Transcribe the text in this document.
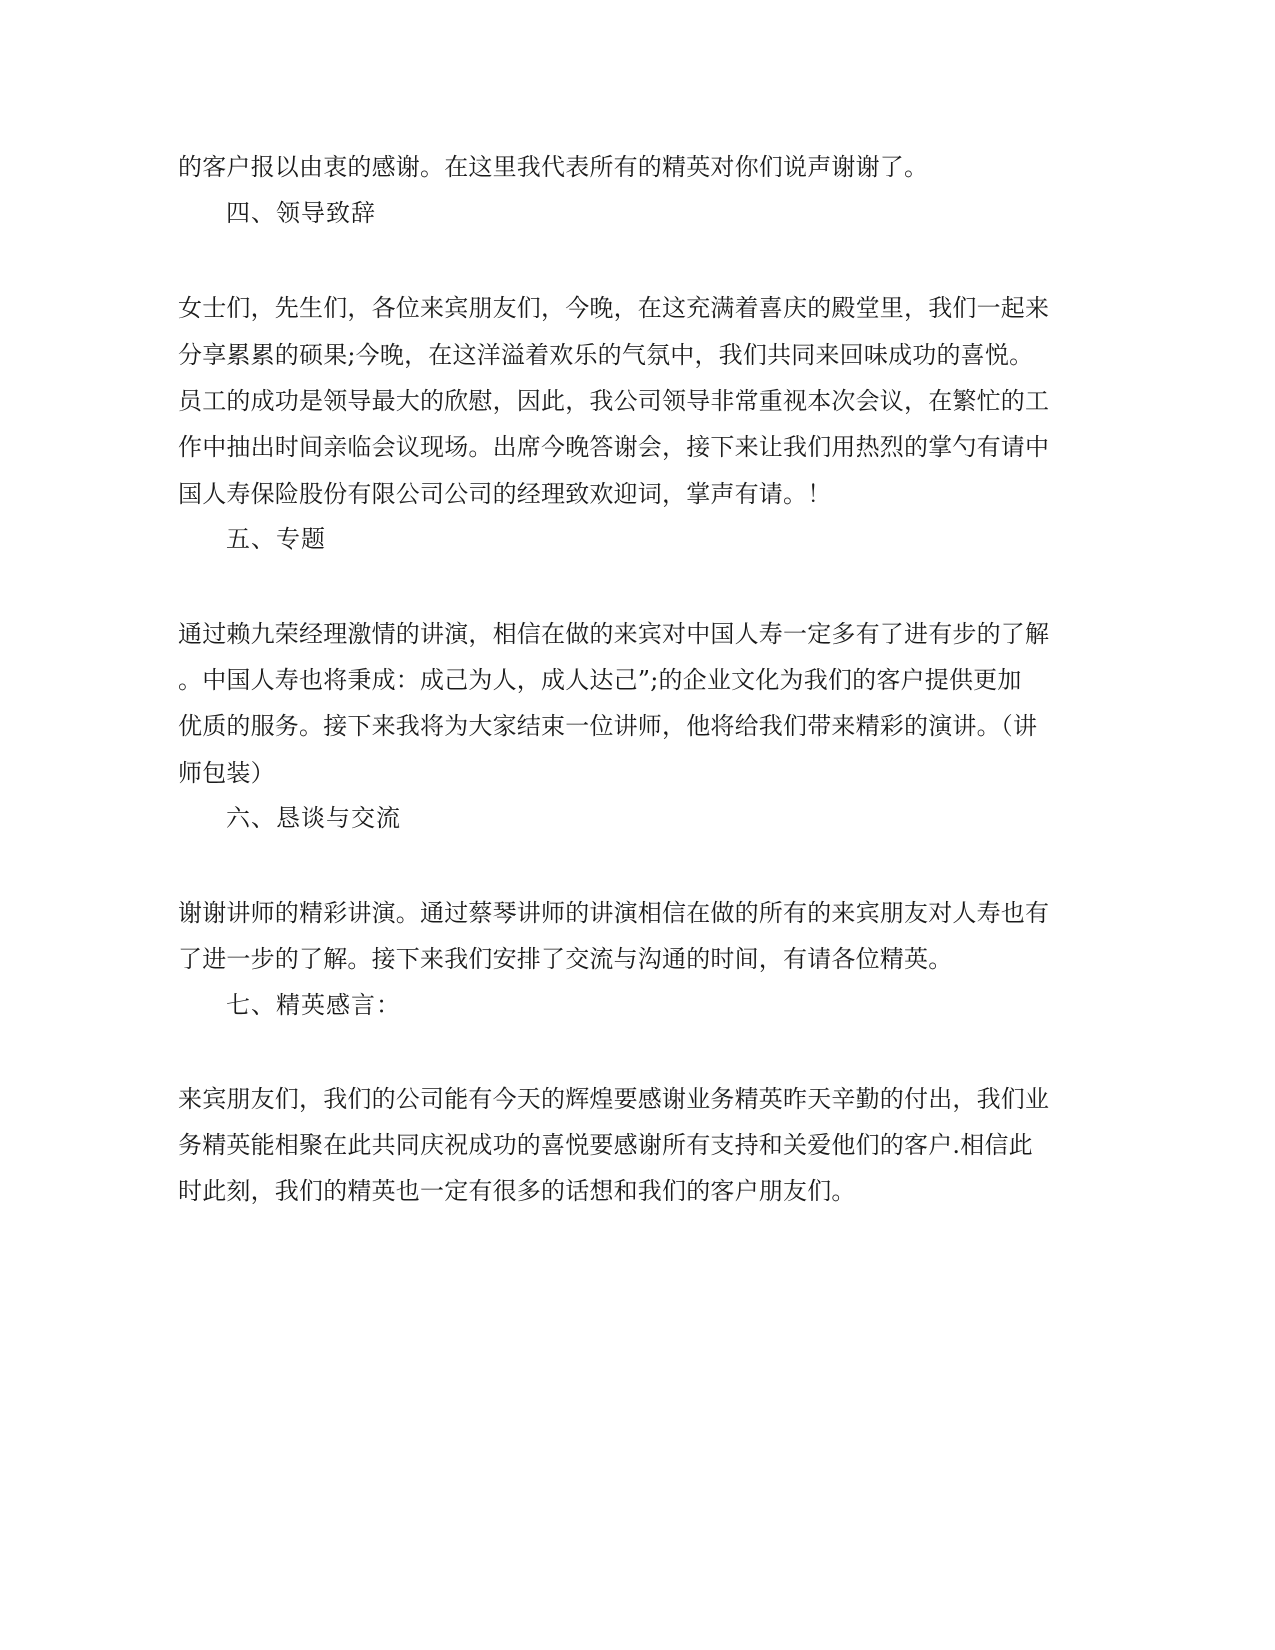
的客户报以由衷的感谢。在这里我代表所有的精英对你们说声谢谢了。
四、领导致辞
女士们，先生们，各位来宾朋友们，今晚，在这充满着喜庆的殿堂里，我们一起来
分享累累的硕果;今晚，在这洋溢着欢乐的气氛中，我们共同来回味成功的喜悦。
员工的成功是领导最大的欣慰，因此，我公司领导非常重视本次会议，在繁忙的工
作中抽出时间亲临会议现场。出席今晚答谢会，接下来让我们用热烈的掌勺有请中
国人寿保险股份有限公司公司的经理致欢迎词，掌声有请。！
五、专题
通过赖九荣经理激情的讲演，相信在做的来宾对中国人寿一定多有了进有步的了解
。中国人寿也将秉成：成己为人，成人达己”;的企业文化为我们的客户提供更加
优质的服务。接下来我将为大家结束一位讲师，他将给我们带来精彩的演讲。（讲
师包装）
六、恳谈与交流
谢谢讲师的精彩讲演。通过蔡琴讲师的讲演相信在做的所有的来宾朋友对人寿也有
了进一步的了解。接下来我们安排了交流与沟通的时间，有请各位精英。
七、精英感言：
来宾朋友们，我们的公司能有今天的辉煌要感谢业务精英昨天辛勤的付出，我们业
务精英能相聚在此共同庆祝成功的喜悦要感谢所有支持和关爱他们的客户.相信此
时此刻，我们的精英也一定有很多的话想和我们的客户朋友们。
